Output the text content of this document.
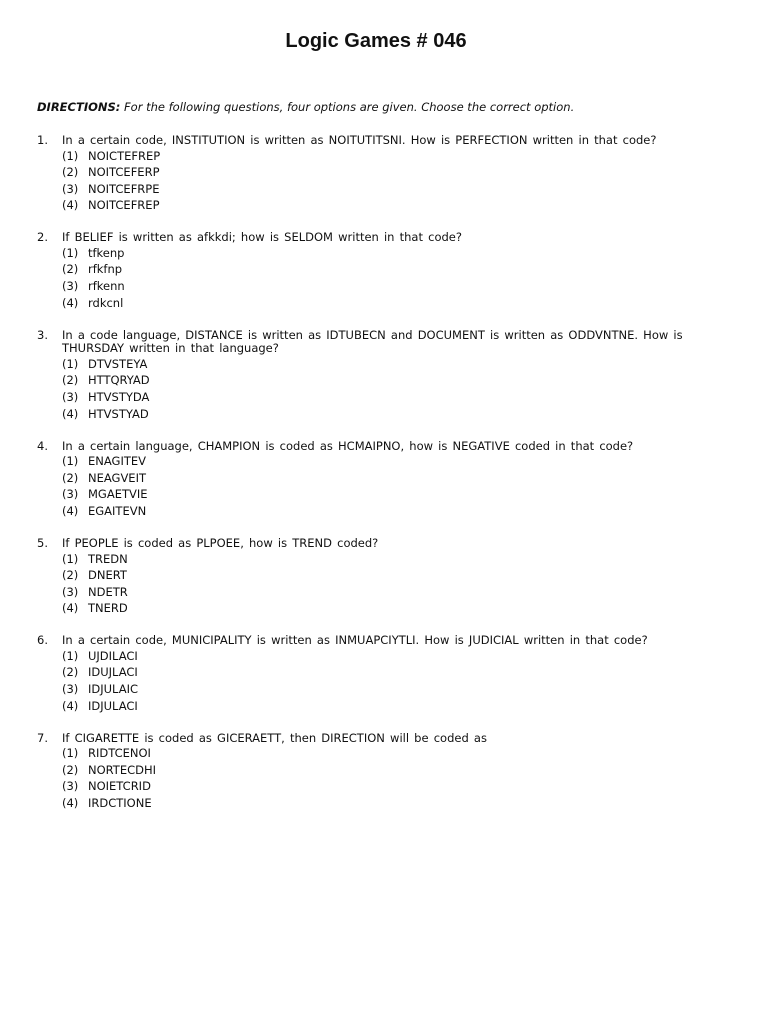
Logic Games # 046
DIRECTIONS: For the following questions, four options are given. Choose the correct option.
1. In a certain code, INSTITUTION is written as NOITUTITSNI. How is PERFECTION written in that code?
(1) NOICTEFREP
(2) NOITCEFERP
(3) NOITCEFRPE
(4) NOITCEFREP
2. If BELIEF is written as afkkdi; how is SELDOM written in that code?
(1) tfkenp
(2) rfkfnp
(3) rfkenn
(4) rdkcnl
3. In a code language, DISTANCE is written as IDTUBECN and DOCUMENT is written as ODDVNTNE. How is THURSDAY written in that language?
(1) DTVSTEYA
(2) HTTQRYAD
(3) HTVSTYDA
(4) HTVSTYAD
4. In a certain language, CHAMPION is coded as HCMAIPNO, how is NEGATIVE coded in that code?
(1) ENAGITEV
(2) NEAGVEIT
(3) MGAETVIE
(4) EGAITEVN
5. If PEOPLE is coded as PLPOEE, how is TREND coded?
(1) TREDN
(2) DNERT
(3) NDETR
(4) TNERD
6. In a certain code, MUNICIPALITY is written as INMUAPCIYTLI. How is JUDICIAL written in that code?
(1) UJDILACI
(2) IDUJLACI
(3) IDJULAIC
(4) IDJULACI
7. If CIGARETTE is coded as GICERAETT, then DIRECTION will be coded as
(1) RIDTCENOI
(2) NORTECDHI
(3) NOIETCRID
(4) IRDCTIONE
